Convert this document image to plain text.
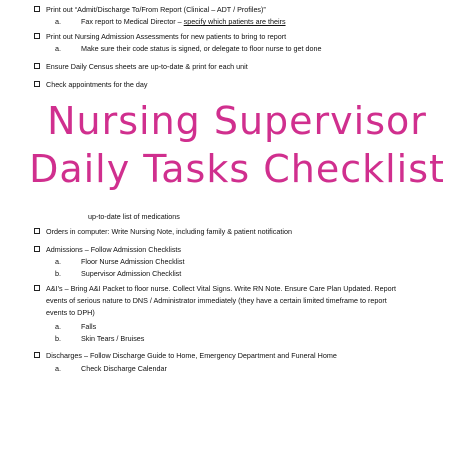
Print out “Admit/Discharge To/From Report (Clinical – ADT / Profiles)”
a.	Fax report to Medical Director – specify which patients are theirs
Print out Nursing Admission Assessments for new patients to bring to report
a.	Make sure their code status is signed, or delegate to floor nurse to get done
Ensure Daily Census sheets are up-to-date & print for each unit
Check appointments for the day
Nursing Supervisor
Daily Tasks Checklist
up-to-date list of medications
Orders in computer: Write Nursing Note, including family & patient notification
Admissions – Follow Admission Checklists
a.	Floor Nurse Admission Checklist
b.	Supervisor Admission Checklist
A&I’s – Bring A&I Packet to floor nurse. Collect Vital Signs. Write RN Note. Ensure Care Plan Updated. Report
events of serious nature to DNS / Administrator immediately (they have a certain limited timeframe to report
events to DPH)
a.	Falls
b.	Skin Tears / Bruises
Discharges – Follow Discharge Guide to Home, Emergency Department and Funeral Home
a.	Check Discharge Calendar
